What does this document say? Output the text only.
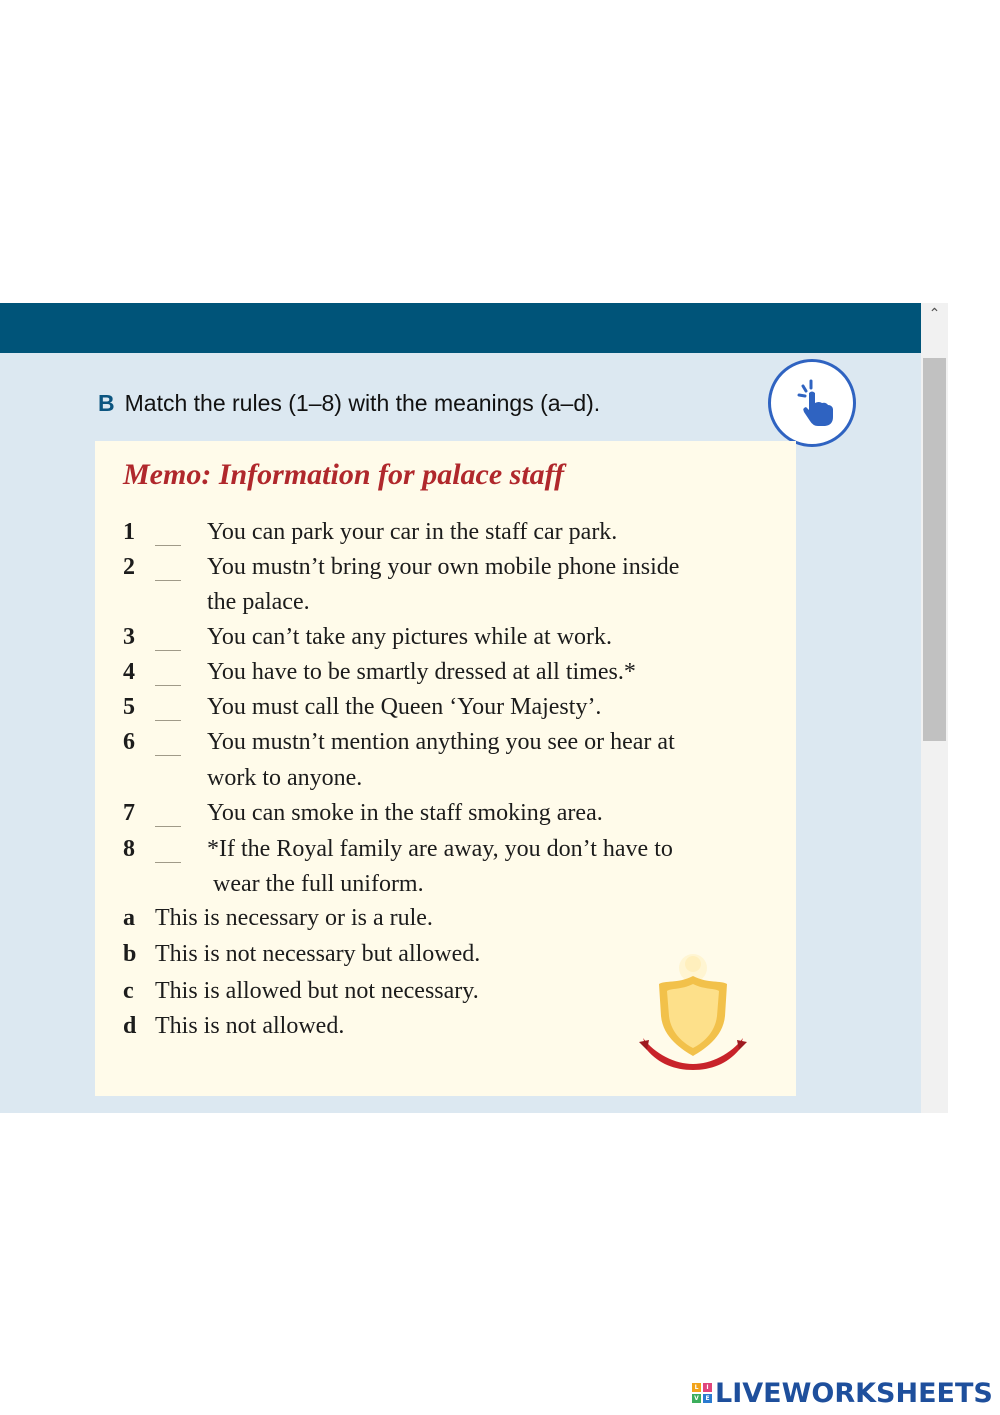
⌃
B Match the rules (1–8) with the meanings (a–d).
Memo: Information for palace staff
1	You can park your car in the staff car park.
2	You mustn’t bring your own mobile phone inside
the palace.
3	You can’t take any pictures while at work.
4	You have to be smartly dressed at all times.*
5	You must call the Queen ‘Your Majesty’.
6	You mustn’t mention anything you see or hear at
work to anyone.
7	You can smoke in the staff smoking area.
8	*If the Royal family are away, you don’t have to
wear the full uniform.
a This is necessary or is a rule.
b This is not necessary but allowed.
c This is allowed but not necessary.
d This is not allowed.
L	I
V	E LIVEWORKSHEETS
